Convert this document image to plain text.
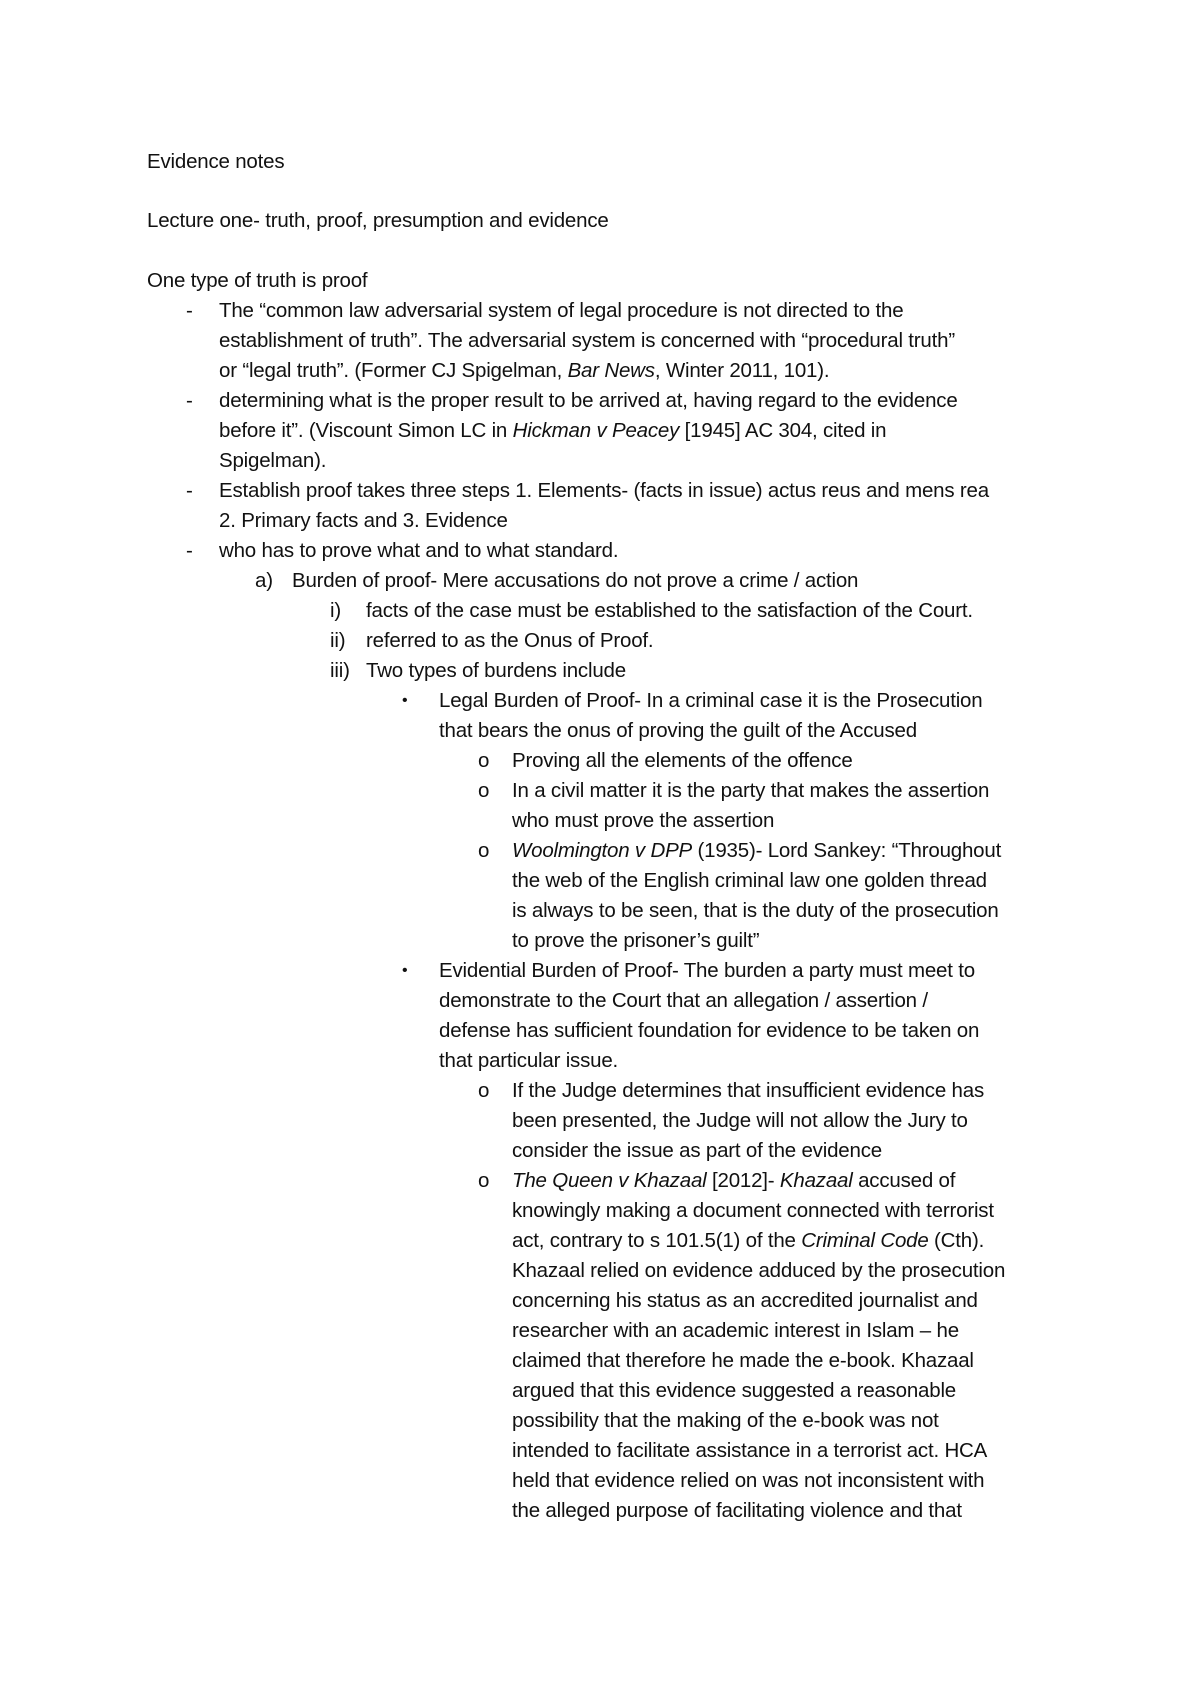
Evidence notes
Lecture one- truth, proof, presumption and evidence
One type of truth is proof
- The “common law adversarial system of legal procedure is not directed to the
establishment of truth”. The adversarial system is concerned with “procedural truth”
or “legal truth”. (Former CJ Spigelman, Bar News, Winter 2011, 101).
- determining what is the proper result to be arrived at, having regard to the evidence
before it”. (Viscount Simon LC in Hickman v Peacey [1945] AC 304, cited in
Spigelman).
- Establish proof takes three steps 1. Elements- (facts in issue) actus reus and mens rea
2. Primary facts and 3. Evidence
- who has to prove what and to what standard.
a) Burden of proof- Mere accusations do not prove a crime / action
i) facts of the case must be established to the satisfaction of the Court.
ii) referred to as the Onus of Proof.
iii) Two types of burdens include
• Legal Burden of Proof- In a criminal case it is the Prosecution
that bears the onus of proving the guilt of the Accused
o Proving all the elements of the offence
o In a civil matter it is the party that makes the assertion
who must prove the assertion
o Woolmington v DPP (1935)- Lord Sankey: “Throughout
the web of the English criminal law one golden thread
is always to be seen, that is the duty of the prosecution
to prove the prisoner’s guilt”
• Evidential Burden of Proof- The burden a party must meet to
demonstrate to the Court that an allegation / assertion /
defense has sufficient foundation for evidence to be taken on
that particular issue.
o If the Judge determines that insufficient evidence has
been presented, the Judge will not allow the Jury to
consider the issue as part of the evidence
o The Queen v Khazaal [2012]- Khazaal accused of
knowingly making a document connected with terrorist
act, contrary to s 101.5(1) of the Criminal Code (Cth).
Khazaal relied on evidence adduced by the prosecution
concerning his status as an accredited journalist and
researcher with an academic interest in Islam – he
claimed that therefore he made the e-book. Khazaal
argued that this evidence suggested a reasonable
possibility that the making of the e-book was not
intended to facilitate assistance in a terrorist act. HCA
held that evidence relied on was not inconsistent with
the alleged purpose of facilitating violence and that
